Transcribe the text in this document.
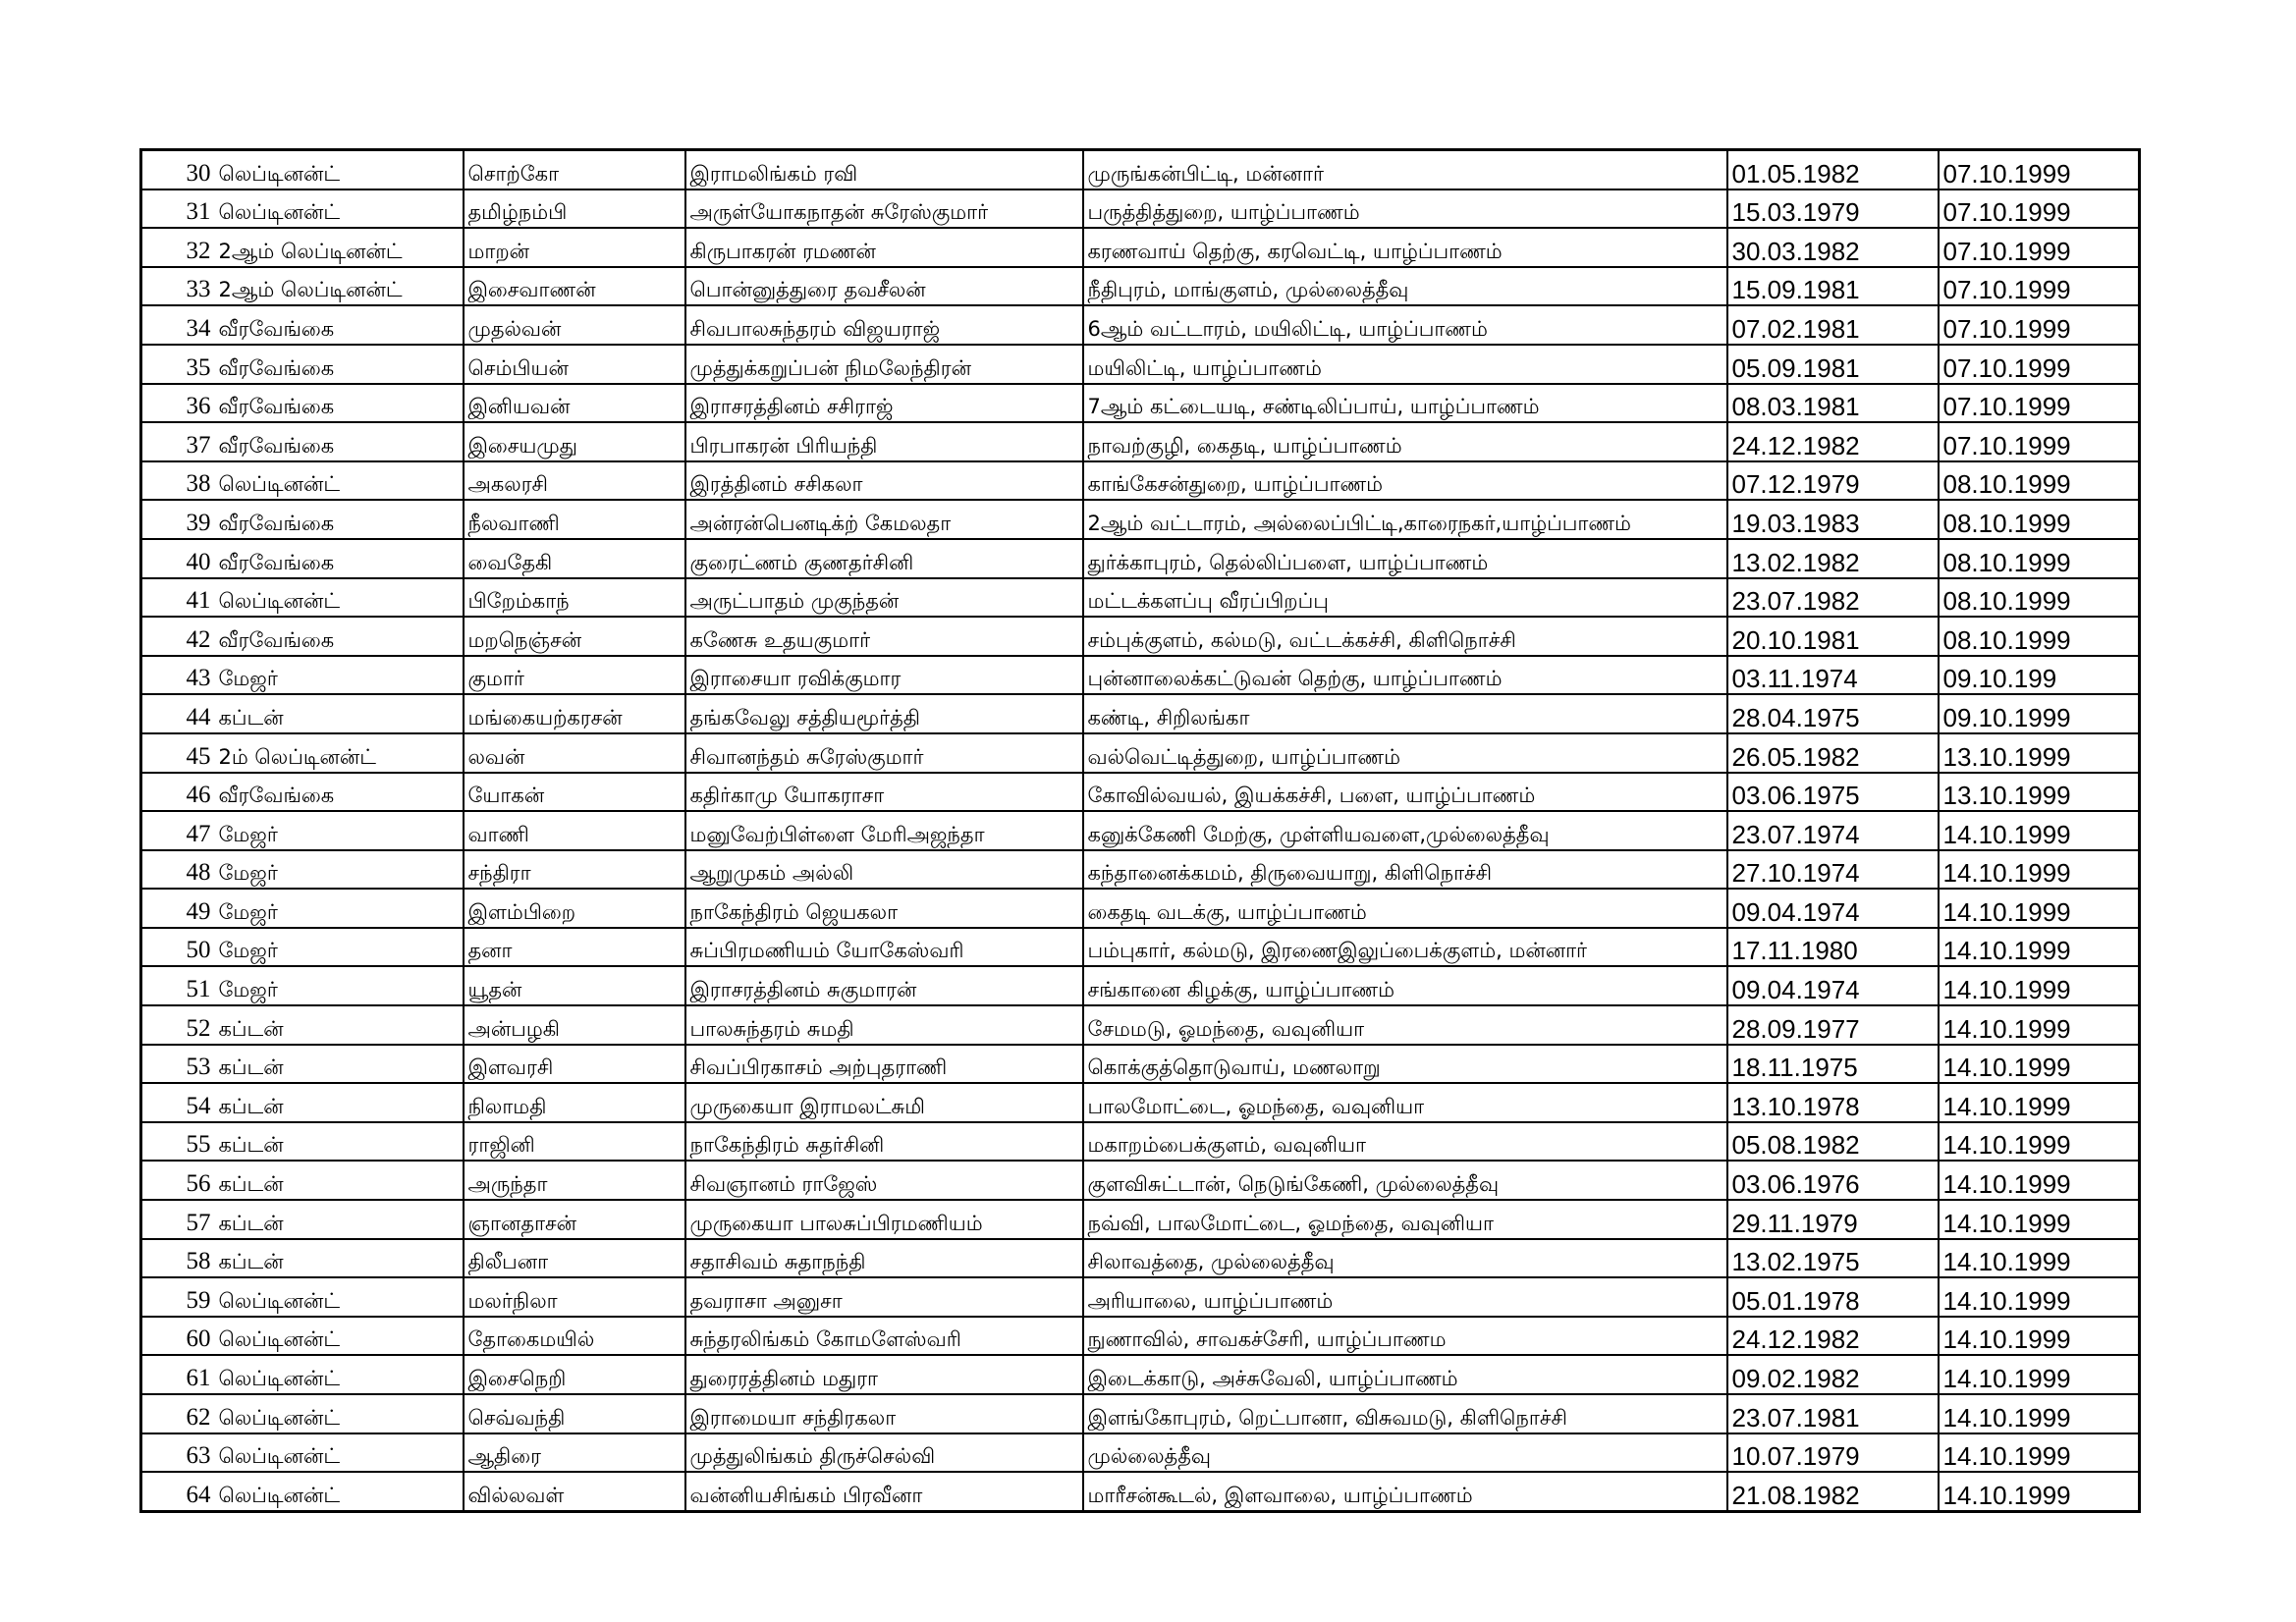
30	லெப்டினன்ட்	சொற்கோ	இராமலிங்கம் ரவி	முருங்கன்பிட்டி, மன்னார்	01.05.1982	07.10.1999
31	லெப்டினன்ட்	தமிழ்நம்பி	அருள்யோகநாதன் சுரேஸ்குமார்	பருத்தித்துறை, யாழ்ப்பாணம்	15.03.1979	07.10.1999
32	2ஆம் லெப்டினன்ட்	மாறன்	கிருபாகரன் ரமணன்	கரணவாய் தெற்கு, கரவெட்டி, யாழ்ப்பாணம்	30.03.1982	07.10.1999
33	2ஆம் லெப்டினன்ட்	இசைவாணன்	பொன்னுத்துரை தவசீலன்	நீதிபுரம், மாங்குளம், முல்லைத்தீவு	15.09.1981	07.10.1999
34	வீரவேங்கை	முதல்வன்	சிவபாலசுந்தரம் விஜயராஜ்	6ஆம் வட்டாரம், மயிலிட்டி, யாழ்ப்பாணம்	07.02.1981	07.10.1999
35	வீரவேங்கை	செம்பியன்	முத்துக்கறுப்பன் நிமலேந்திரன்	மயிலிட்டி, யாழ்ப்பாணம்	05.09.1981	07.10.1999
36	வீரவேங்கை	இனியவன்	இராசரத்தினம் சசிராஜ்	7ஆம் கட்டையடி, சண்டிலிப்பாய், யாழ்ப்பாணம்	08.03.1981	07.10.1999
37	வீரவேங்கை	இசையமுது	பிரபாகரன் பிரியந்தி	நாவற்குழி, கைதடி, யாழ்ப்பாணம்	24.12.1982	07.10.1999
38	லெப்டினன்ட்	அகலரசி	இரத்தினம் சசிகலா	காங்கேசன்துறை, யாழ்ப்பாணம்	07.12.1979	08.10.1999
39	வீரவேங்கை	நீலவாணி	அன்ரன்பெனடிக்ற் கேமலதா	2ஆம் வட்டாரம், அல்லைப்பிட்டி,காரைநகர்,யாழ்ப்பாணம்	19.03.1983	08.10.1999
40	வீரவேங்கை	வைதேகி	குரைட்ணம் குணதர்சினி	துர்க்காபுரம், தெல்லிப்பளை, யாழ்ப்பாணம்	13.02.1982	08.10.1999
41	லெப்டினன்ட்	பிறேம்காந்	அருட்பாதம் முகுந்தன்	மட்டக்களப்பு வீரப்பிறப்பு	23.07.1982	08.10.1999
42	வீரவேங்கை	மறநெஞ்சன்	கணேசு உதயகுமார்	சம்புக்குளம், கல்மடு, வட்டக்கச்சி, கிளிநொச்சி	20.10.1981	08.10.1999
43	மேஜர்	குமார்	இராசையா ரவிக்குமார	புன்னாலைக்கட்டுவன் தெற்கு, யாழ்ப்பாணம்	03.11.1974	09.10.199
44	கப்டன்	மங்கையற்கரசன்	தங்கவேலு சத்தியமூர்த்தி	கண்டி, சிறிலங்கா	28.04.1975	09.10.1999
45	2ம் லெப்டினன்ட்	லவன்	சிவானந்தம் சுரேஸ்குமார்	வல்வெட்டித்துறை, யாழ்ப்பாணம்	26.05.1982	13.10.1999
46	வீரவேங்கை	யோகன்	கதிர்காமு யோகராசா	கோவில்வயல், இயக்கச்சி, பளை, யாழ்ப்பாணம்	03.06.1975	13.10.1999
47	மேஜர்	வாணி	மனுவேற்பிள்ளை மேரிஅஜந்தா	கனுக்கேணி மேற்கு, முள்ளியவளை,முல்லைத்தீவு	23.07.1974	14.10.1999
48	மேஜர்	சந்திரா	ஆறுமுகம் அல்லி	கந்தானைக்கமம், திருவையாறு, கிளிநொச்சி	27.10.1974	14.10.1999
49	மேஜர்	இளம்பிறை	நாகேந்திரம் ஜெயகலா	கைதடி வடக்கு, யாழ்ப்பாணம்	09.04.1974	14.10.1999
50	மேஜர்	தனா	சுப்பிரமணியம் யோகேஸ்வரி	பம்புகார், கல்மடு, இரணைஇலுப்பைக்குளம், மன்னார்	17.11.1980	14.10.1999
51	மேஜர்	யூதன்	இராசரத்தினம் சுகுமாரன்	சங்கானை கிழக்கு, யாழ்ப்பாணம்	09.04.1974	14.10.1999
52	கப்டன்	அன்பழகி	பாலசுந்தரம் சுமதி	சேமமடு, ஓமந்தை, வவுனியா	28.09.1977	14.10.1999
53	கப்டன்	இளவரசி	சிவப்பிரகாசம் அற்புதராணி	கொக்குத்தொடுவாய், மணலாறு	18.11.1975	14.10.1999
54	கப்டன்	நிலாமதி	முருகையா இராமலட்சுமி	பாலமோட்டை, ஓமந்தை, வவுனியா	13.10.1978	14.10.1999
55	கப்டன்	ராஜினி	நாகேந்திரம் சுதர்சினி	மகாறம்பைக்குளம், வவுனியா	05.08.1982	14.10.1999
56	கப்டன்	அருந்தா	சிவஞானம் ராஜேஸ்	குளவிசுட்டான், நெடுங்கேணி, முல்லைத்தீவு	03.06.1976	14.10.1999
57	கப்டன்	ஞானதாசன்	முருகையா பாலசுப்பிரமணியம்	நவ்வி, பாலமோட்டை, ஓமந்தை, வவுனியா	29.11.1979	14.10.1999
58	கப்டன்	திலீபனா	சதாசிவம் சுதாநந்தி	சிலாவத்தை, முல்லைத்தீவு	13.02.1975	14.10.1999
59	லெப்டினன்ட்	மலர்நிலா	தவராசா அனுசா	அரியாலை, யாழ்ப்பாணம்	05.01.1978	14.10.1999
60	லெப்டினன்ட்	தோகைமயில்	சுந்தரலிங்கம் கோமளேஸ்வரி	நுணாவில், சாவகச்சேரி, யாழ்ப்பாணம	24.12.1982	14.10.1999
61	லெப்டினன்ட்	இசைநெறி	துரைரத்தினம் மதுரா	இடைக்காடு, அச்சுவேலி, யாழ்ப்பாணம்	09.02.1982	14.10.1999
62	லெப்டினன்ட்	செவ்வந்தி	இராமையா சந்திரகலா	இளங்கோபுரம், றெட்பானா, விசுவமடு, கிளிநொச்சி	23.07.1981	14.10.1999
63	லெப்டினன்ட்	ஆதிரை	முத்துலிங்கம் திருச்செல்வி	முல்லைத்தீவு	10.07.1979	14.10.1999
64	லெப்டினன்ட்	வில்லவள்	வன்னியசிங்கம் பிரவீனா	மாரீசன்கூடல், இளவாலை, யாழ்ப்பாணம்	21.08.1982	14.10.1999
